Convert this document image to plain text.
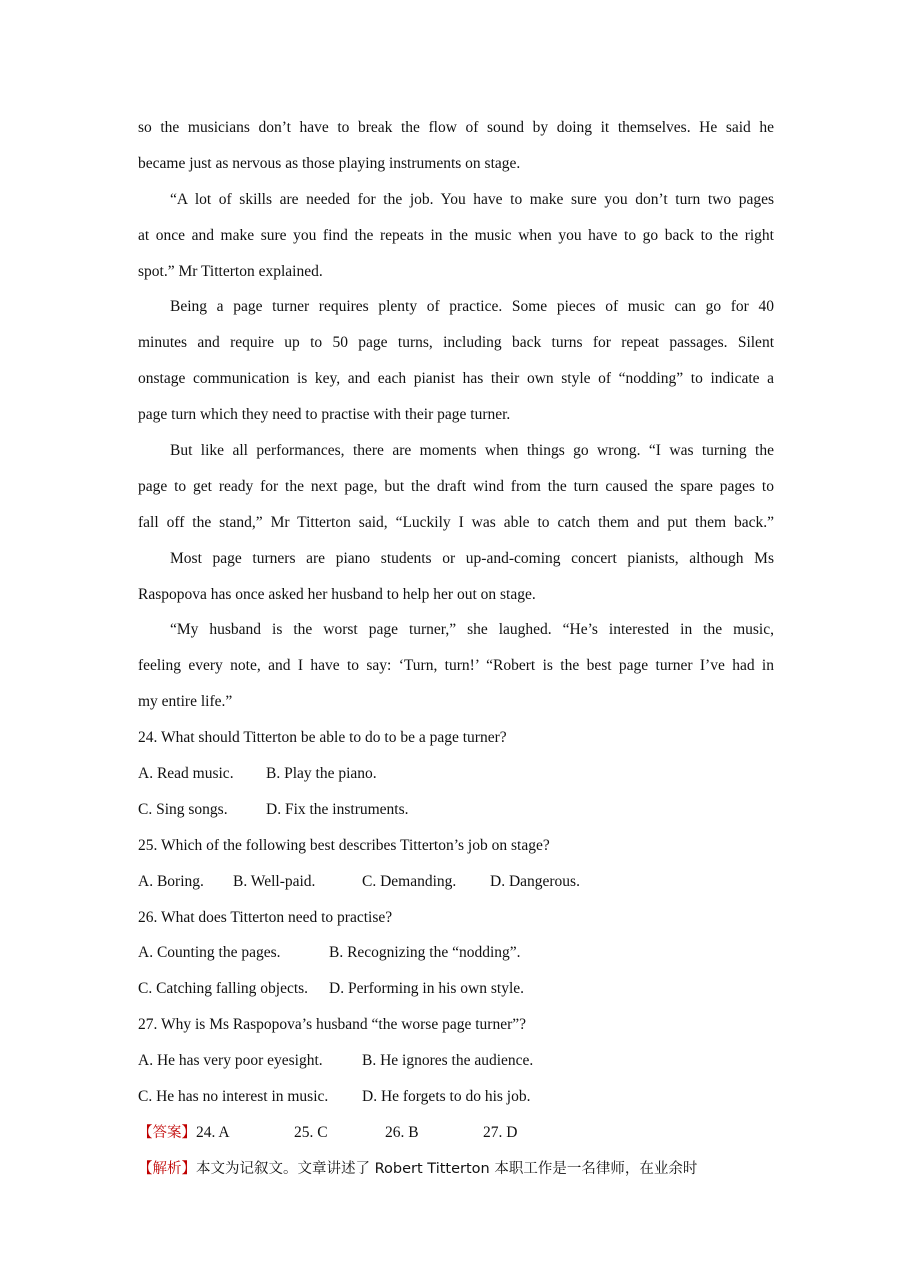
so the musicians don’t have to break the flow of sound by doing it themselves. He said he
became just as nervous as those playing instruments on stage.
“A lot of skills are needed for the job. You have to make sure you don’t turn two pages
at once and make sure you find the repeats in the music when you have to go back to the right
spot.” Mr Titterton explained.
Being a page turner requires plenty of practice. Some pieces of music can go for 40
minutes and require up to 50 page turns, including back turns for repeat passages. Silent
onstage communication is key, and each pianist has their own style of “nodding” to indicate a
page turn which they need to practise with their page turner.
But like all performances, there are moments when things go wrong. “I was turning the
page to get ready for the next page, but the draft wind from the turn caused the spare pages to
fall off the stand,” Mr Titterton said, “Luckily I was able to catch them and put them back.”
Most page turners are piano students or up-and-coming concert pianists, although Ms
Raspopova has once asked her husband to help her out on stage.
“My husband is the worst page turner,” she laughed. “He’s interested in the music,
feeling every note, and I have to say: ‘Turn, turn!’ “Robert is the best page turner I’ve had in
my entire life.”
24. What should Titterton be able to do to be a page turner?
A. Read music.	B. Play the piano.
C. Sing songs.	D. Fix the instruments.
25. Which of the following best describes Titterton’s job on stage?
A. Boring.	B. Well-paid.	C. Demanding.	D. Dangerous.
26. What does Titterton need to practise?
A. Counting the pages.	B. Recognizing the “nodding”.
C. Catching falling objects.	D. Performing in his own style.
27. Why is Ms Raspopova’s husband “the worse page turner”?
A. He has very poor eyesight.	B. He ignores the audience.
C. He has no interest in music.	D. He forgets to do his job.
【答案】24. A	25. C	26. B	27. D
【解析】本文为记叙文。文章讲述了 Robert Titterton 本职工作是一名律师，在业余时
